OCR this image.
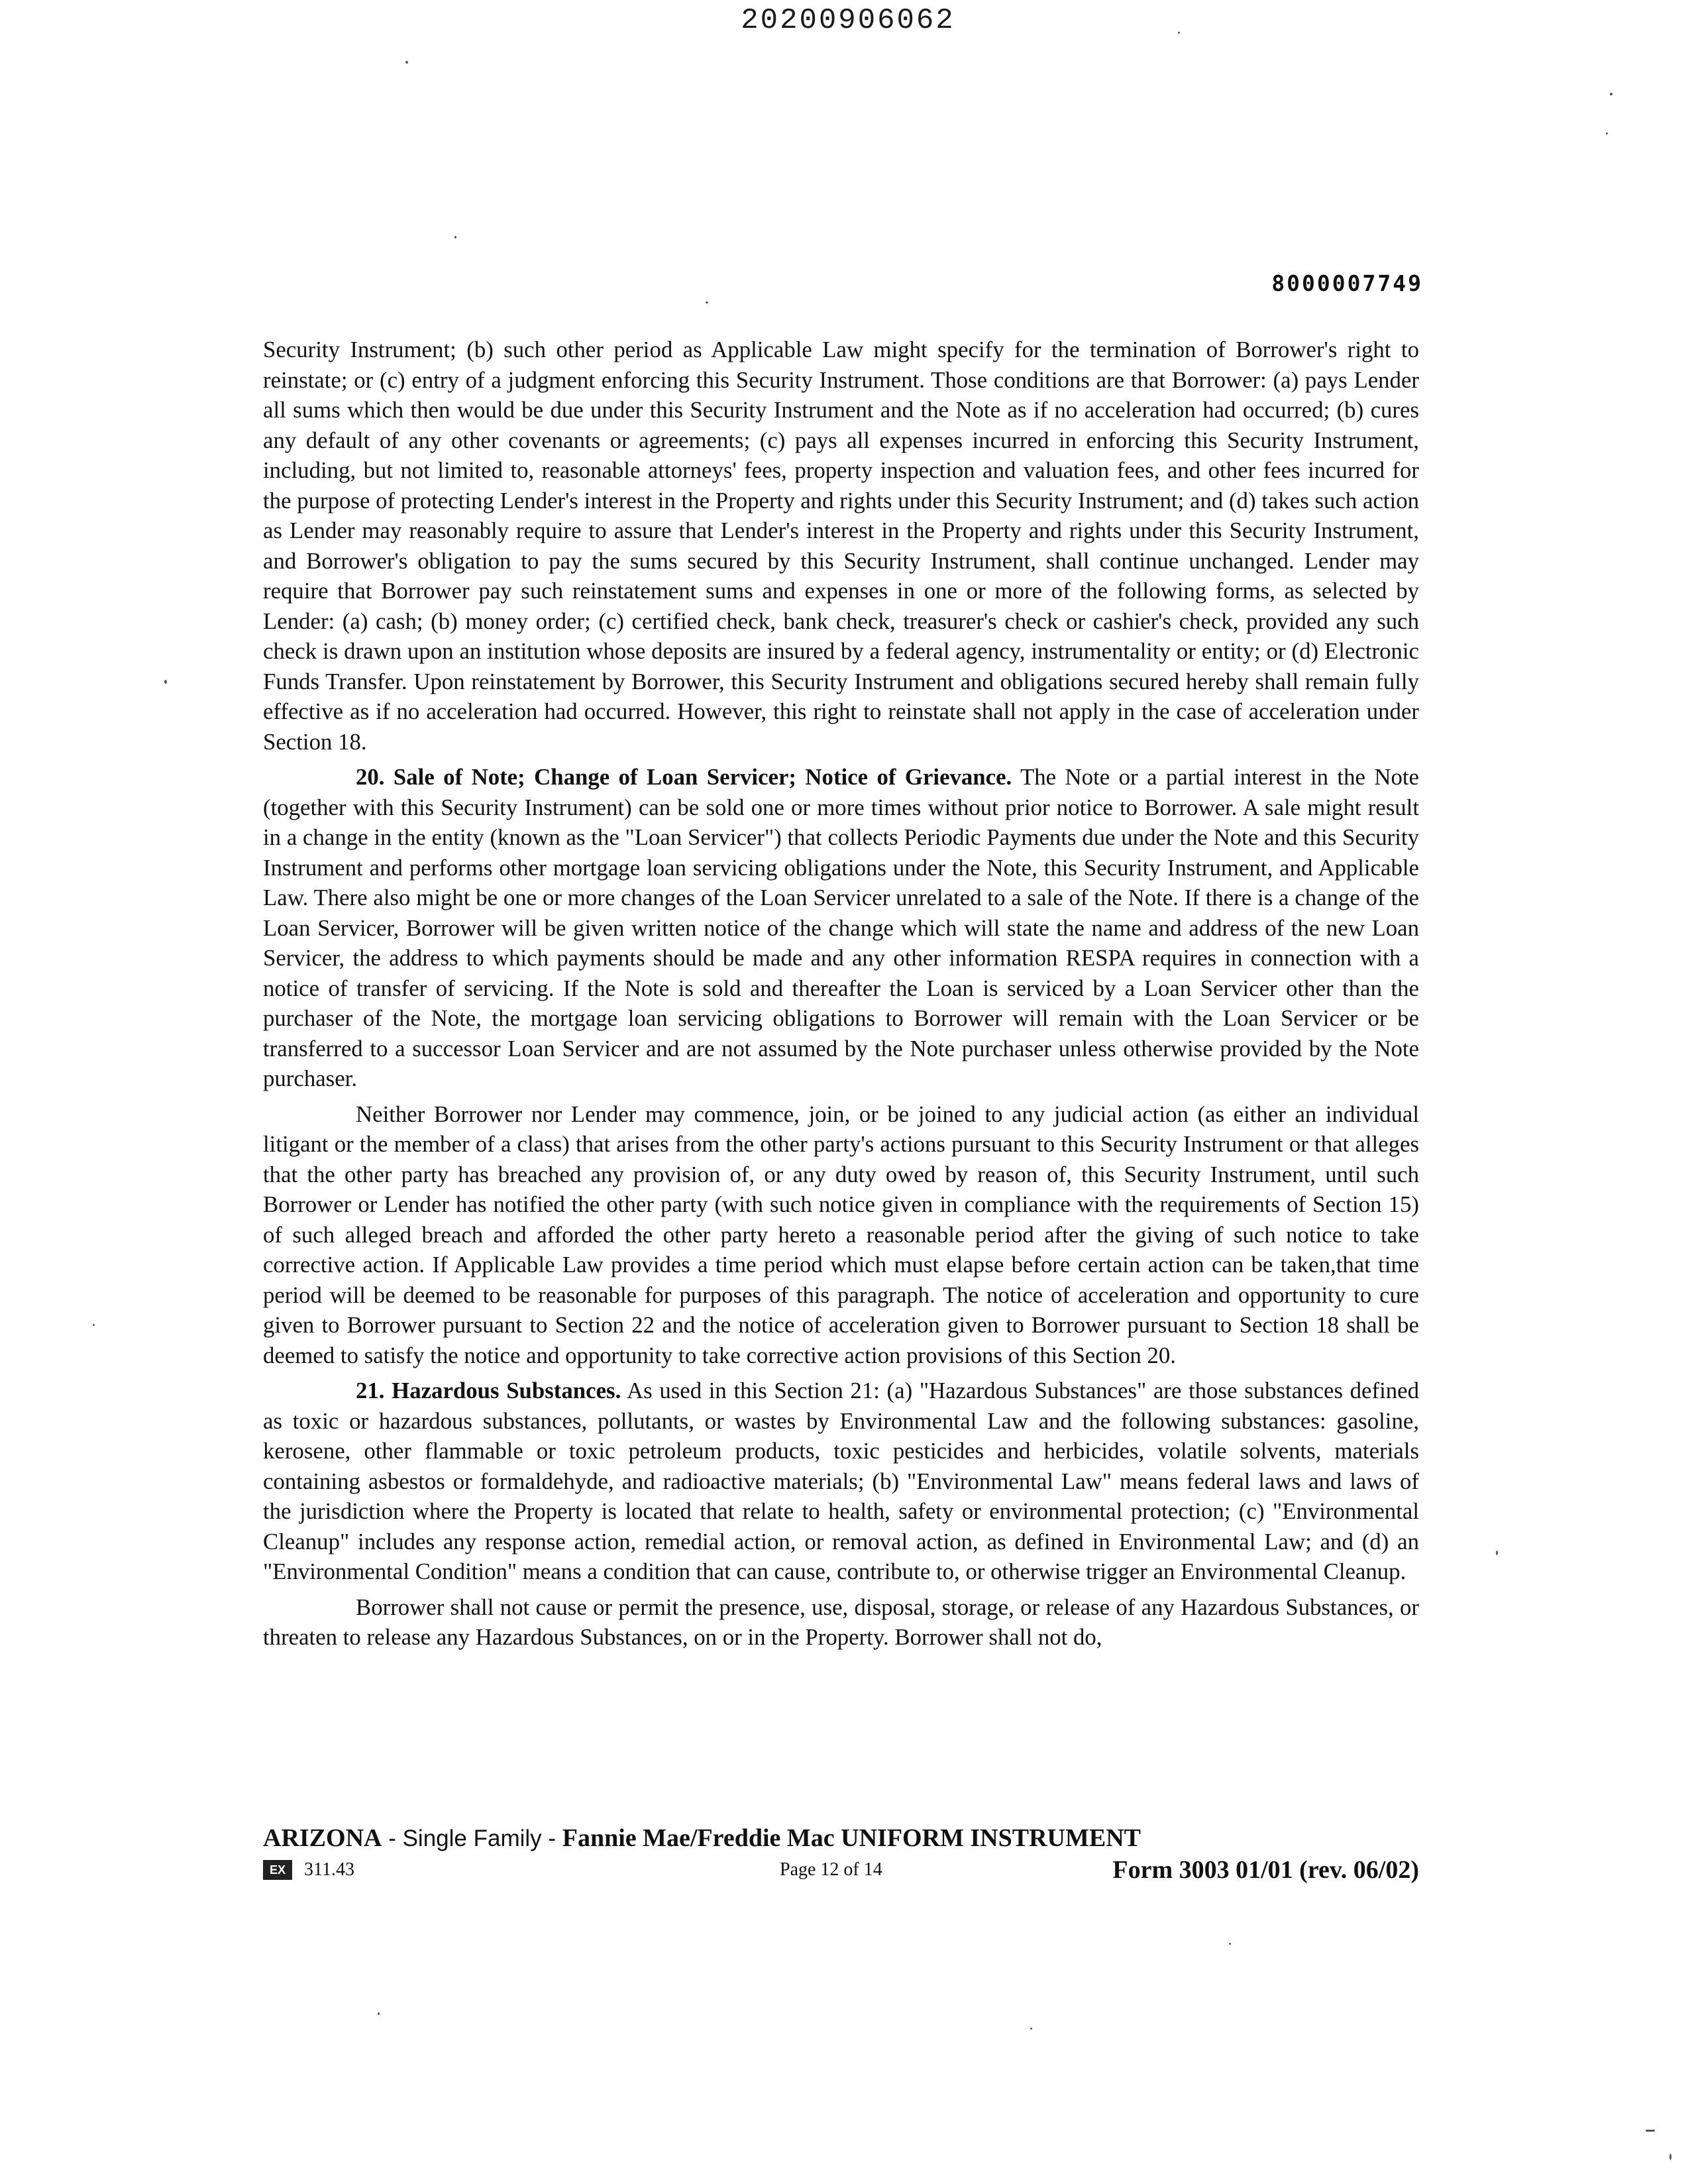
20200906062
8000007749

Security Instrument; (b) such other period as Applicable Law might specify for the termination of Borrower's right to reinstate; or (c) entry of a judgment enforcing this Security Instrument. Those conditions are that Borrower: (a) pays Lender all sums which then would be due under this Security Instrument and the Note as if no acceleration had occurred; (b) cures any default of any other covenants or agreements; (c) pays all expenses incurred in enforcing this Security Instrument, including, but not limited to, reasonable attorneys' fees, property inspection and valuation fees, and other fees incurred for the purpose of protecting Lender's interest in the Property and rights under this Security Instrument; and (d) takes such action as Lender may reasonably require to assure that Lender's interest in the Property and rights under this Security Instrument, and Borrower's obligation to pay the sums secured by this Security Instrument, shall continue unchanged. Lender may require that Borrower pay such reinstatement sums and expenses in one or more of the following forms, as selected by Lender: (a) cash; (b) money order; (c) certified check, bank check, treasurer's check or cashier's check, provided any such check is drawn upon an institution whose deposits are insured by a federal agency, instrumentality or entity; or (d) Electronic Funds Transfer. Upon reinstatement by Borrower, this Security Instrument and obligations secured hereby shall remain fully effective as if no acceleration had occurred. However, this right to reinstate shall not apply in the case of acceleration under Section 18.

20. Sale of Note; Change of Loan Servicer; Notice of Grievance. The Note or a partial interest in the Note (together with this Security Instrument) can be sold one or more times without prior notice to Borrower. A sale might result in a change in the entity (known as the "Loan Servicer") that collects Periodic Payments due under the Note and this Security Instrument and performs other mortgage loan servicing obligations under the Note, this Security Instrument, and Applicable Law. There also might be one or more changes of the Loan Servicer unrelated to a sale of the Note. If there is a change of the Loan Servicer, Borrower will be given written notice of the change which will state the name and address of the new Loan Servicer, the address to which payments should be made and any other information RESPA requires in connection with a notice of transfer of servicing. If the Note is sold and thereafter the Loan is serviced by a Loan Servicer other than the purchaser of the Note, the mortgage loan servicing obligations to Borrower will remain with the Loan Servicer or be transferred to a successor Loan Servicer and are not assumed by the Note purchaser unless otherwise provided by the Note purchaser.

Neither Borrower nor Lender may commence, join, or be joined to any judicial action (as either an individual litigant or the member of a class) that arises from the other party's actions pursuant to this Security Instrument or that alleges that the other party has breached any provision of, or any duty owed by reason of, this Security Instrument, until such Borrower or Lender has notified the other party (with such notice given in compliance with the requirements of Section 15) of such alleged breach and afforded the other party hereto a reasonable period after the giving of such notice to take corrective action. If Applicable Law provides a time period which must elapse before certain action can be taken,that time period will be deemed to be reasonable for purposes of this paragraph. The notice of acceleration and opportunity to cure given to Borrower pursuant to Section 22 and the notice of acceleration given to Borrower pursuant to Section 18 shall be deemed to satisfy the notice and opportunity to take corrective action provisions of this Section 20.

21. Hazardous Substances. As used in this Section 21: (a) "Hazardous Substances" are those substances defined as toxic or hazardous substances, pollutants, or wastes by Environmental Law and the following substances: gasoline, kerosene, other flammable or toxic petroleum products, toxic pesticides and herbicides, volatile solvents, materials containing asbestos or formaldehyde, and radioactive materials; (b) "Environmental Law" means federal laws and laws of the jurisdiction where the Property is located that relate to health, safety or environmental protection; (c) "Environmental Cleanup" includes any response action, remedial action, or removal action, as defined in Environmental Law; and (d) an "Environmental Condition" means a condition that can cause, contribute to, or otherwise trigger an Environmental Cleanup.

Borrower shall not cause or permit the presence, use, disposal, storage, or release of any Hazardous Substances, or threaten to release any Hazardous Substances, on or in the Property. Borrower shall not do,

ARIZONA - Single Family - Fannie Mae/Freddie Mac UNIFORM INSTRUMENT
EX	311.43	Page 12 of 14	Form 3003 01/01 (rev. 06/02)
